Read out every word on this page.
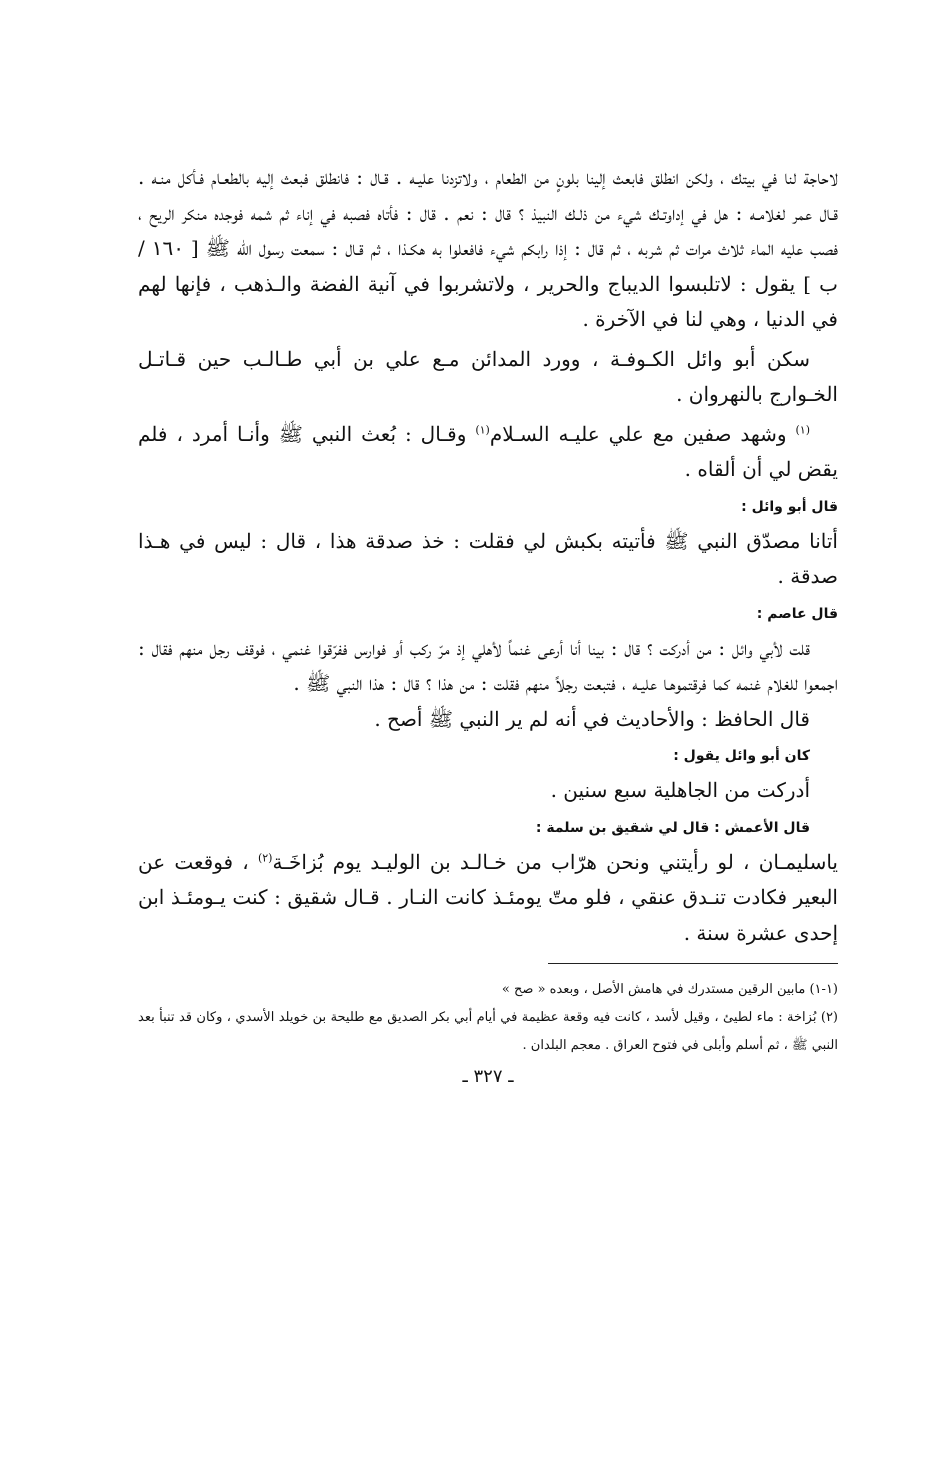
لاحاجة لنا في بيتك ، ولكن انطلق فابعث إلينا بلونٍ من الطعام ، ولاتزدنا عليـه . قـال : فانطلق فبعث إليه بالطعـام فـأكل منـه . قـال عمر لغلامـه : هل في إداوتـك شيء من ذلـك النبيذ ؟ قال : نعم . قال : فأتاه فصبه في إناء ثم شمه فوجده منكر الريح ، فصب عليه الماء ثلاث مرات ثم شربه ، ثم قال : إذا رابكم شيء فافعلوا به هكـذا ، ثم قـال : سمعت رسول الله ﷺ [ ١٦٠ / ب ] يقول : لاتلبسوا الديباج والحرير ، ولاتشربوا في آنية الفضة والـذهب ، فإنها لهم في الدنيا ، وهي لنا في الآخرة .

سكن أبو وائل الكـوفـة ، وورد المدائن مـع علي بن أبي طـالـب حين قـاتـل الخـوارج بالنهروان .

$^{(١)}$ وشهد صفين مع علي عليـه السـلام$^{(١)}$ وقـال : بُعث النبي ﷺ وأنـا أمرد ، فلم يقض لي أن ألقاه .

قال أبو وائل :

أتانا مصدّق النبي ﷺ فأتيته بكبش لي فقلت : خذ صدقة هذا ، قال : ليس في هـذا صدقة .

قال عاصم :

قلت لأبي وائل : من أدركت ؟ قال : بينا أنا أرعى غنماً لأهلي إذ مرّ ركب أو فوارس ففرّقوا غنمي ، فوقف رجل منهم فقال : اجمعوا للغلام غنمه كما فرقتموهـا عليـه ، فتبعت رجلاً منهم فقلت : من هذا ؟ قال : هذا النبي ﷺ .

قال الحافظ : والأحاديث في أنه لم ير النبي ﷺ أصح .

كان أبو وائل يقول :

أدركت من الجاهلية سبع سنين .

قال الأعمش : قال لي شقيق بن سلمة :

ياسليمـان ، لو رأيتني ونحن هرّاب من خـالـد بن الوليـد يوم بُزاخَـة$^{(٢)}$ ، فوقعت عن البعير فكادت تنـدق عنقي ، فلو متّ يومئـذ كانت النـار . قـال شقيق : كنت يـومئـذ ابن إحدى عشرة سنة .

(١-١) مابين الرقين مستدرك في هامش الأصل ، وبعده « صح »

(٢) بُزاخة : ماء لطيئ ، وقيل لأسد ، كانت فيه وقعة عظيمة في أيام أبي بكر الصديق مع طليحة بن خويلد الأسدي ، وكان قد تنبأ بعد النبي ﷺ ، ثم أسلم وأبلى في فتوح العراق . معجم البلدان .

ـ ٣٢٧ ـ
